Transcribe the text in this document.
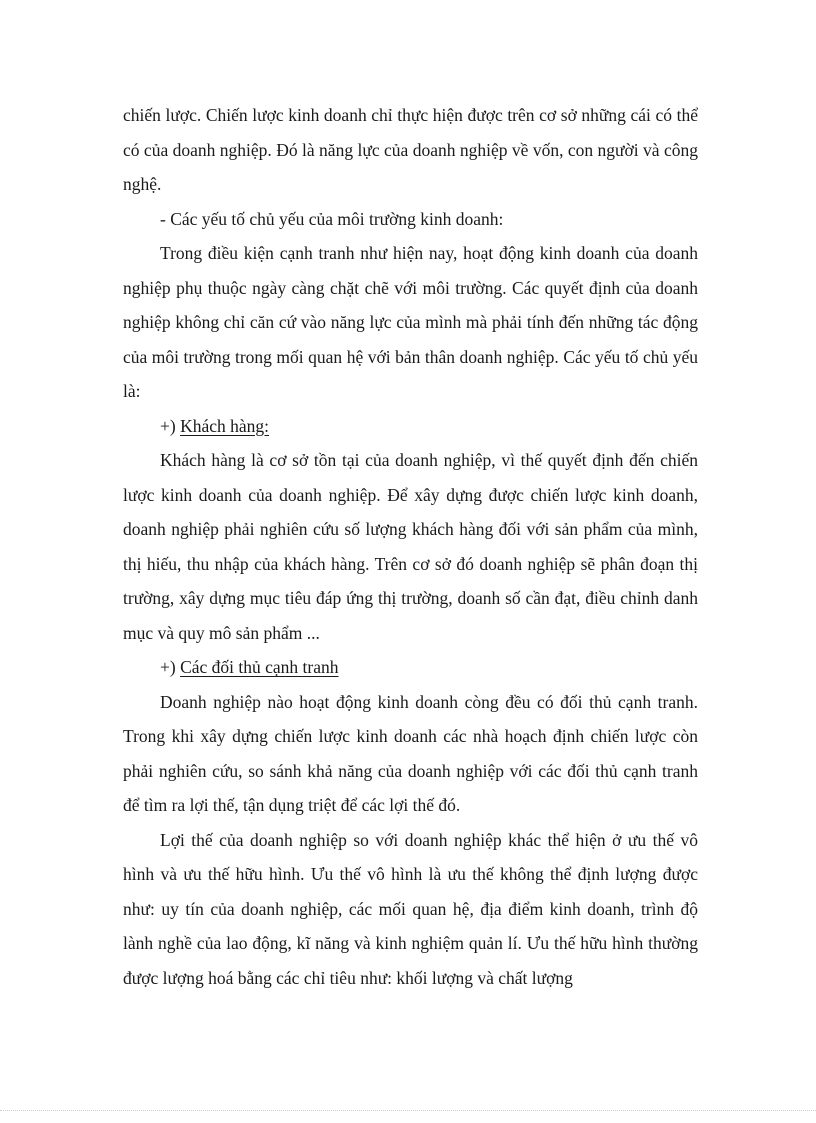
chiến lược. Chiến lược kinh doanh chỉ thực hiện được trên cơ sở những cái có thể có của doanh nghiệp. Đó là năng lực của doanh nghiệp về vốn, con người và công nghệ.

- Các yếu tố chủ yếu của môi trường kinh doanh:

Trong điều kiện cạnh tranh như hiện nay, hoạt động kinh doanh của doanh nghiệp phụ thuộc ngày càng chặt chẽ với môi trường. Các quyết định của doanh nghiệp không chỉ căn cứ vào năng lực của mình mà phải tính đến những tác động của môi trường trong mối quan hệ với bản thân doanh nghiệp. Các yếu tố chủ yếu là:

+) Khách hàng:

Khách hàng là cơ sở tồn tại của doanh nghiệp, vì thế quyết định đến chiến lược kinh doanh của doanh nghiệp. Để xây dựng được chiến lược kinh doanh, doanh nghiệp phải nghiên cứu số lượng khách hàng đối với sản phẩm của mình, thị hiếu, thu nhập của khách hàng. Trên cơ sở đó doanh nghiệp sẽ phân đoạn thị trường, xây dựng mục tiêu đáp ứng thị trường, doanh số cần đạt, điều chỉnh danh mục và quy mô sản phẩm ...

+) Các đối thủ cạnh tranh

Doanh nghiệp nào hoạt động kinh doanh còng đều có đối thủ cạnh tranh. Trong khi xây dựng chiến lược kinh doanh các nhà hoạch định chiến lược còn phải nghiên cứu, so sánh khả năng của doanh nghiệp với các đối thủ cạnh tranh để tìm ra lợi thế, tận dụng triệt để các lợi thế đó.

Lợi thế của doanh nghiệp so với doanh nghiệp khác thể hiện ở ưu thế vô hình và ưu thế hữu hình. Ưu thế vô hình là ưu thế không thể định lượng được như: uy tín của doanh nghiệp, các mối quan hệ, địa điểm kinh doanh, trình độ lành nghề của lao động, kĩ năng và kinh nghiệm quản lí. Ưu thế hữu hình thường được lượng hoá bằng các chỉ tiêu như: khối lượng và chất lượng
